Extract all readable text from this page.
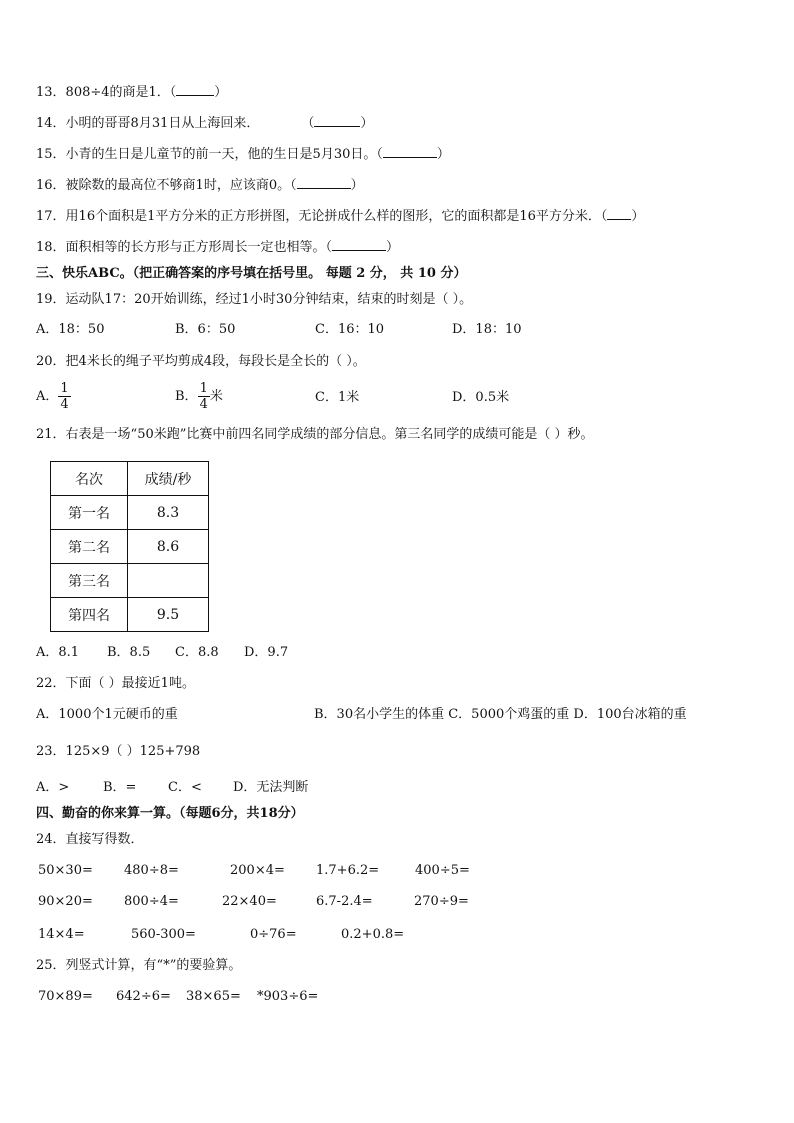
13．808÷4的商是1．（	）
14．小明的哥哥8月31日从上海回来．	（	）
15．小青的生日是儿童节的前一天，他的生日是5月30日。（	）
16．被除数的最高位不够商1时，应该商0。（	）
17．用16个面积是1平方分米的正方形拼图，无论拼成什么样的图形，它的面积都是16平方分米．（ ）
18．面积相等的长方形与正方形周长一定也相等。（	）
三、快乐ABC。（把正确答案的序号填在括号里。 每题 2 分， 共 10 分）
19．运动队17：20开始训练，经过1小时30分钟结束，结束的时刻是（ ）。
A．18：50	B．6：50	C．16：10	D．18：10
20．把4米长的绳子平均剪成4段，每段长是全长的（ ）。
A． $\frac{1}{4}$	B． $\frac{1}{4}$ 米	C．1米	D．0.5米
21．右表是一场“50米跑”比赛中前四名同学成绩的部分信息。第三名同学的成绩可能是（ ）秒。
名次	成绩/秒
第一名	8.3
第二名	8.6
第三名	
第四名	9.5
A．8.1 B．8.5 C．8.8 D．9.7
22．下面（ ）最接近1吨。
A．1000个1元硬币的重	B．30名小学生的体重 C．5000个鸡蛋的重 D．100台冰箱的重
23．125×9（ ）125+798
A．>	B．= C．< D．无法判断
四、勤奋的你来算一算。（每题6分，共18分）
24．直接写得数．
50×30= 480÷8=	200×4= 1.7+6.2=	400÷5=
90×20= 800÷4=	22×40=	6.7-2.4=	270÷9=
14×4=	560-300=	0÷76=	0.2+0.8=
25．列竖式计算，有“*”的要验算。
70×89= 642÷6= 38×65= *903÷6=
